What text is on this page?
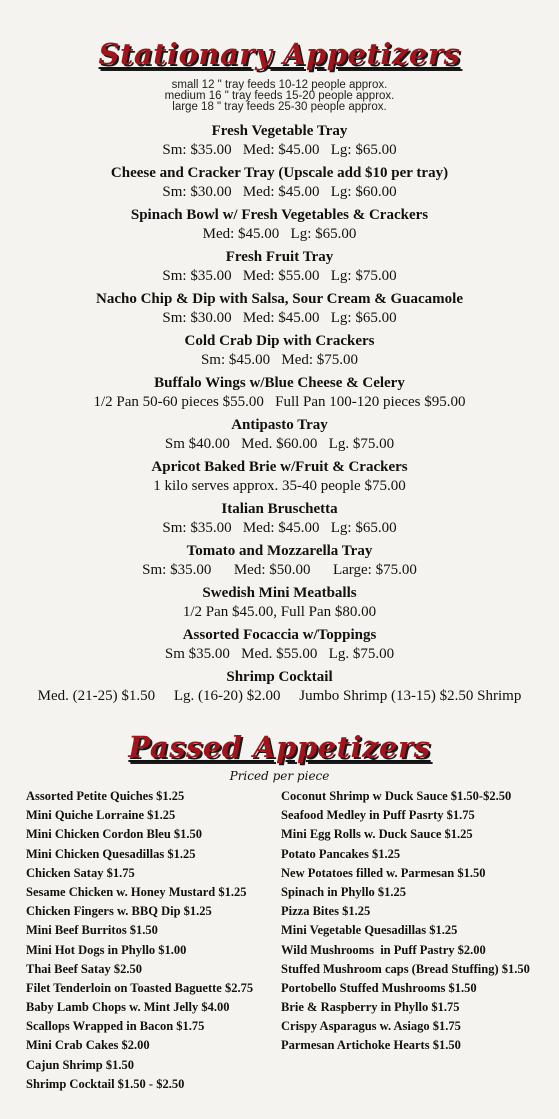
Stationary Appetizers
small 12 " tray feeds 10-12 people approx.
medium 16 " tray feeds 15-20 people approx.
large 18 " tray feeds 25-30 people approx.
Fresh Vegetable Tray
Sm: $35.00   Med: $45.00   Lg: $65.00
Cheese and Cracker Tray (Upscale add $10 per tray)
Sm: $30.00   Med: $45.00   Lg: $60.00
Spinach Bowl w/ Fresh Vegetables & Crackers
Med: $45.00   Lg: $65.00
Fresh Fruit Tray
Sm: $35.00   Med: $55.00   Lg: $75.00
Nacho Chip & Dip with Salsa, Sour Cream & Guacamole
Sm: $30.00   Med: $45.00   Lg: $65.00
Cold Crab Dip with Crackers
Sm: $45.00   Med: $75.00
Buffalo Wings w/Blue Cheese & Celery
1/2 Pan 50-60 pieces $55.00   Full Pan 100-120 pieces $95.00
Antipasto Tray
Sm $40.00   Med. $60.00   Lg. $75.00
Apricot Baked Brie w/Fruit & Crackers
1 kilo serves approx. 35-40 people $75.00
Italian Bruschetta
Sm: $35.00   Med: $45.00   Lg: $65.00
Tomato and Mozzarella Tray
Sm: $35.00      Med: $50.00      Large: $75.00
Swedish Mini Meatballs
1/2 Pan $45.00, Full Pan $80.00
Assorted Focaccia w/Toppings
Sm $35.00   Med. $55.00   Lg. $75.00
Shrimp Cocktail
Med. (21-25) $1.50     Lg. (16-20) $2.00     Jumbo Shrimp (13-15) $2.50 Shrimp
Passed Appetizers
Priced per piece
Assorted Petite Quiches $1.25
Mini Quiche Lorraine $1.25
Mini Chicken Cordon Bleu $1.50
Mini Chicken Quesadillas $1.25
Chicken Satay $1.75
Sesame Chicken w. Honey Mustard $1.25
Chicken Fingers w. BBQ Dip $1.25
Mini Beef Burritos $1.50
Mini Hot Dogs in Phyllo $1.00
Thai Beef Satay $2.50
Filet Tenderloin on Toasted Baguette $2.75
Baby Lamb Chops w. Mint Jelly $4.00
Scallops Wrapped in Bacon $1.75
Mini Crab Cakes $2.00
Cajun Shrimp $1.50
Shrimp Cocktail $1.50 - $2.50
Coconut Shrimp w Duck Sauce $1.50-$2.50
Seafood Medley in Puff Pasrty $1.75
Mini Egg Rolls w. Duck Sauce $1.25
Potato Pancakes $1.25
New Potatoes filled w. Parmesan $1.50
Spinach in Phyllo $1.25
Pizza Bites $1.25
Mini Vegetable Quesadillas $1.25
Wild Mushrooms  in Puff Pastry $2.00
Stuffed Mushroom caps (Bread Stuffing) $1.50
Portobello Stuffed Mushrooms $1.50
Brie & Raspberry in Phyllo $1.75
Crispy Asparagus w. Asiago $1.75
Parmesan Artichoke Hearts $1.50
